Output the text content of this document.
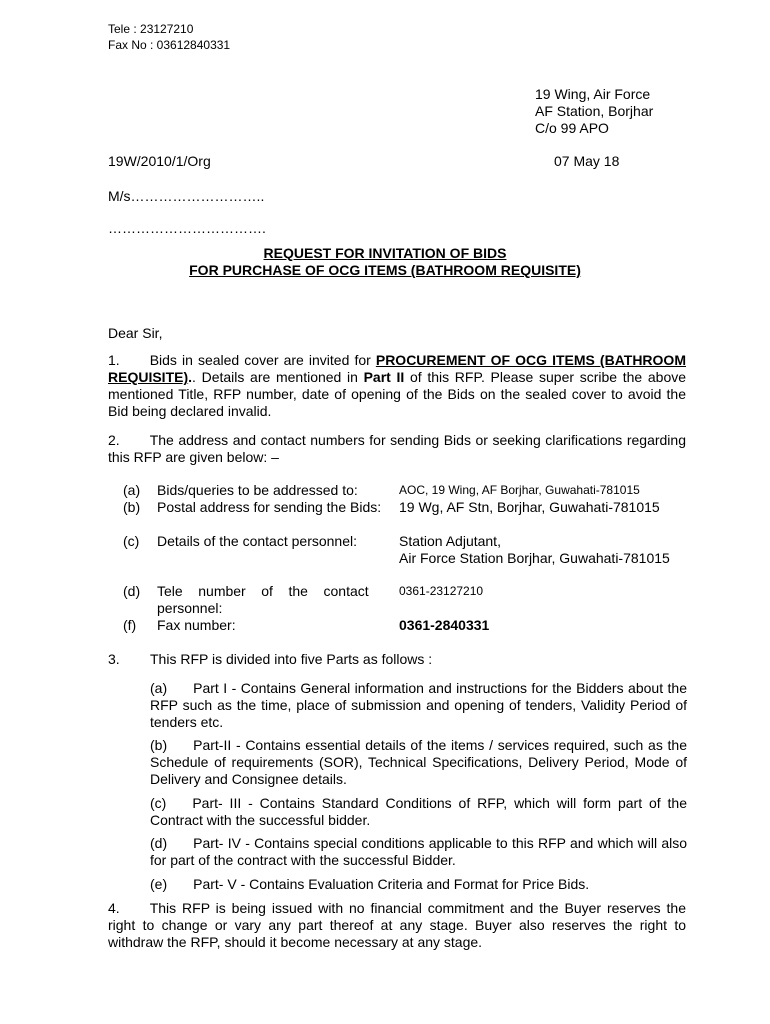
Tele : 23127210
Fax No : 03612840331
19 Wing, Air Force
AF Station, Borjhar
C/o 99 APO
19W/2010/1/Org	07 May 18
M/s………………………..
…………………………….
REQUEST FOR INVITATION OF BIDS
FOR PURCHASE OF OCG ITEMS (BATHROOM REQUISITE)
Dear Sir,
1. Bids in sealed cover are invited for PROCUREMENT OF OCG ITEMS (BATHROOM REQUISITE).. Details are mentioned in Part II of this RFP. Please super scribe the above mentioned Title, RFP number, date of opening of the Bids on the sealed cover to avoid the Bid being declared invalid.
2. The address and contact numbers for sending Bids or seeking clarifications regarding this RFP are given below: –
(a) Bids/queries to be addressed to:	AOC, 19 Wing, AF Borjhar, Guwahati-781015
(b) Postal address for sending the Bids: 19 Wg, AF Stn, Borjhar, Guwahati-781015
(c) Details of the contact personnel:	Station Adjutant,
Air Force Station Borjhar, Guwahati-781015
(d) Tele    number    of    the    contact
personnel:
0361-23127210
(f) Fax number:	0361-2840331
3. This RFP is divided into five Parts as follows :
(a) Part I - Contains General information and instructions for the Bidders about the RFP such as the time, place of submission and opening of tenders, Validity Period of tenders etc.
(b) Part-II - Contains essential details of the items / services required, such as the Schedule of requirements (SOR), Technical Specifications, Delivery Period, Mode of Delivery and Consignee details.
(c) Part- III - Contains Standard Conditions of RFP, which will form part of the Contract with the successful bidder.
(d) Part- IV - Contains special conditions applicable to this RFP and which will also for part of the contract with the successful Bidder.
(e) Part- V - Contains Evaluation Criteria and Format for Price Bids.
4. This RFP is being issued with no financial commitment and the Buyer reserves the right to change or vary any part thereof at any stage. Buyer also reserves the right to withdraw the RFP, should it become necessary at any stage.
